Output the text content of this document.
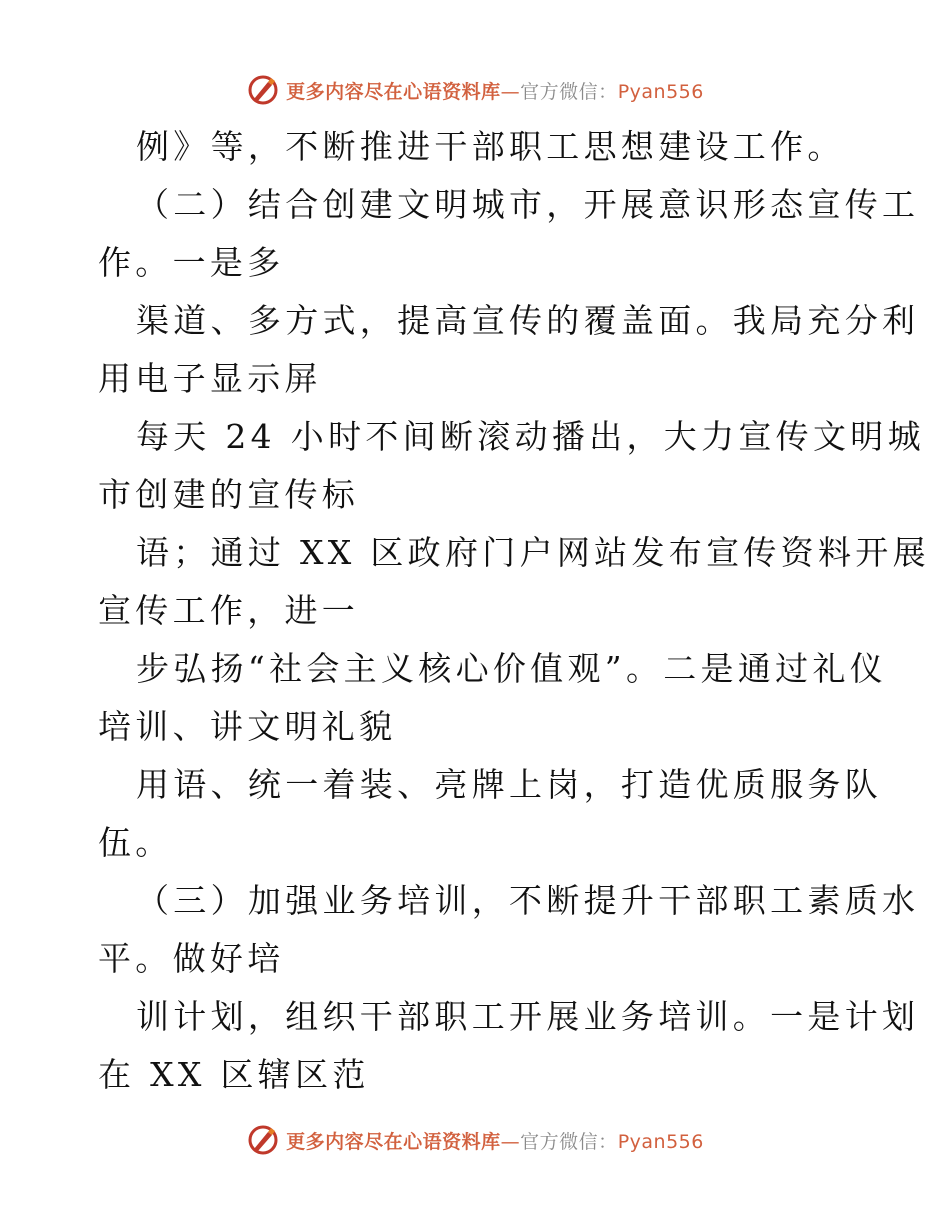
更多内容尽在心语资料库—官方微信：Pyan556
例》等，不断推进干部职工思想建设工作。
（二）结合创建文明城市，开展意识形态宣传工
作。一是多
渠道、多方式，提高宣传的覆盖面。我局充分利
用电子显示屏
每天 24 小时不间断滚动播出，大力宣传文明城
市创建的宣传标
语；通过 XX 区政府门户网站发布宣传资料开展
宣传工作，进一
步弘扬“社会主义核心价值观”。二是通过礼仪
培训、讲文明礼貌
用语、统一着装、亮牌上岗，打造优质服务队
伍。
（三）加强业务培训，不断提升干部职工素质水
平。做好培
训计划，组织干部职工开展业务培训。一是计划
在 XX 区辖区范
更多内容尽在心语资料库—官方微信：Pyan556
